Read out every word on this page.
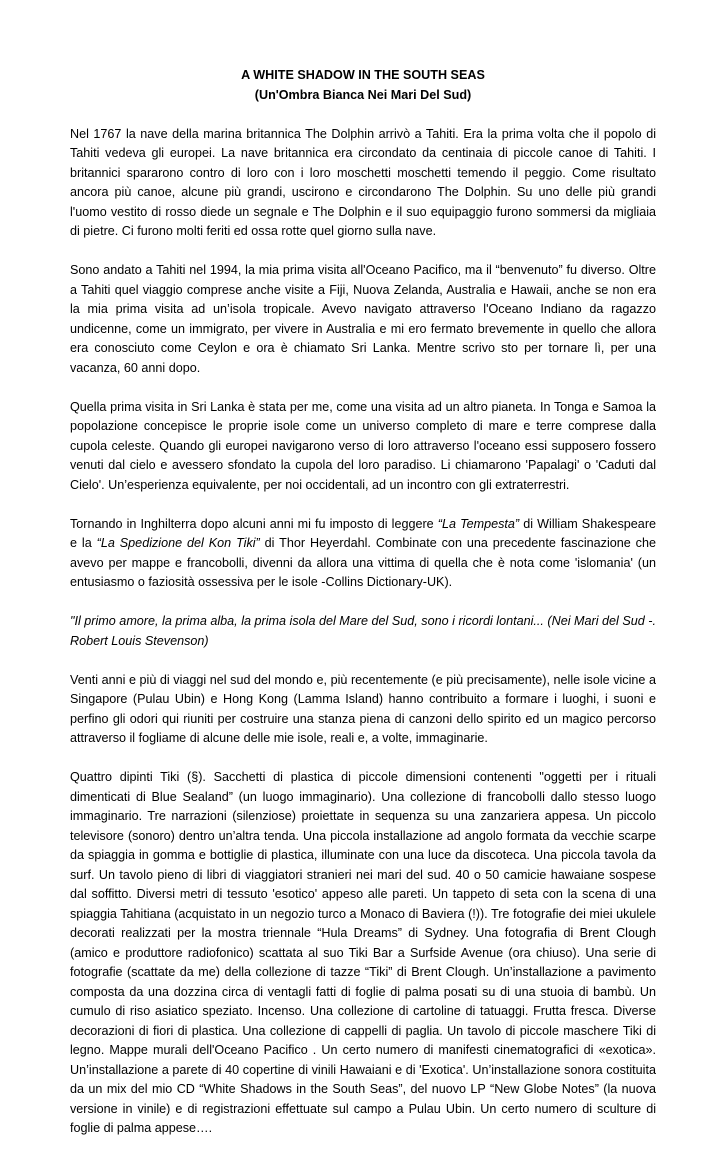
A WHITE SHADOW IN THE SOUTH SEAS
(Un'Ombra Bianca Nei Mari Del Sud)

Nel 1767 la nave della marina britannica The Dolphin arrivò a Tahiti. Era la prima volta che il popolo di Tahiti vedeva gli europei. La nave britannica era circondato da centinaia di piccole canoe di Tahiti. I britannici spararono contro di loro con i loro moschetti moschetti temendo il peggio. Come risultato ancora più canoe, alcune più grandi, uscirono e circondarono The Dolphin. Su uno delle più grandi l'uomo vestito di rosso diede un segnale e The Dolphin e il suo equipaggio furono sommersi da migliaia di pietre. Ci furono molti feriti ed ossa rotte quel giorno sulla nave.

Sono andato a Tahiti nel 1994, la mia prima visita all'Oceano Pacifico, ma il “benvenuto” fu diverso. Oltre a Tahiti quel viaggio comprese anche visite a Fiji, Nuova Zelanda, Australia e Hawaii, anche se non era la mia prima visita ad un’isola tropicale. Avevo navigato attraverso l'Oceano Indiano da ragazzo undicenne, come un immigrato, per vivere in Australia e mi ero fermato brevemente in quello che allora era conosciuto come Ceylon e ora è chiamato Sri Lanka. Mentre scrivo sto per tornare lì, per una vacanza, 60 anni dopo.

Quella prima visita in Sri Lanka è stata per me, come una visita ad un altro pianeta. In Tonga e Samoa la popolazione concepisce le proprie isole come un universo completo di mare e terre comprese dalla cupola celeste. Quando gli europei navigarono verso di loro attraverso l'oceano essi supposero fossero venuti dal cielo e avessero sfondato la cupola del loro paradiso. Li chiamarono 'Papalagi' o 'Caduti dal Cielo'. Un’esperienza equivalente, per noi occidentali, ad un incontro con gli extraterrestri.

Tornando in Inghilterra dopo alcuni anni mi fu imposto di leggere “La Tempesta” di William Shakespeare e la “La Spedizione del Kon Tiki” di Thor Heyerdahl. Combinate con una precedente fascinazione che avevo per mappe e francobolli, divenni da allora una vittima di quella che è nota come 'islomania' (un entusiasmo o faziosità ossessiva per le isole -Collins Dictionary-UK).

"Il primo amore, la prima alba, la prima isola del Mare del Sud, sono i ricordi lontani... (Nei Mari del Sud -. Robert Louis Stevenson)

Venti anni e più di viaggi nel sud del mondo e, più recentemente (e più precisamente), nelle isole vicine a Singapore (Pulau Ubin) e Hong Kong (Lamma Island) hanno contribuito a formare i luoghi, i suoni e perfino gli odori qui riuniti per costruire una stanza piena di canzoni dello spirito ed un magico percorso attraverso il fogliame di alcune delle mie isole, reali e, a volte, immaginarie.

Quattro dipinti Tiki (§). Sacchetti di plastica di piccole dimensioni contenenti "oggetti per i rituali dimenticati di Blue Sealand” (un luogo immaginario). Una collezione di francobolli dallo stesso luogo immaginario. Tre narrazioni (silenziose) proiettate in sequenza su una zanzariera appesa. Un piccolo televisore (sonoro) dentro un’altra tenda. Una piccola installazione ad angolo formata da vecchie scarpe da spiaggia in gomma e bottiglie di plastica, illuminate con una luce da discoteca. Una piccola tavola da surf. Un tavolo pieno di libri di viaggiatori stranieri nei mari del sud. 40 o 50 camicie hawaiane sospese dal soffitto. Diversi metri di tessuto 'esotico' appeso alle pareti. Un tappeto di seta con la scena di una spiaggia Tahitiana (acquistato in un negozio turco a Monaco di Baviera (!)). Tre fotografie dei miei ukulele decorati realizzati per la mostra triennale “Hula Dreams” di Sydney. Una fotografia di Brent Clough (amico e produttore radiofonico) scattata al suo Tiki Bar a Surfside Avenue (ora chiuso). Una serie di fotografie (scattate da me) della collezione di tazze “Tiki” di Brent Clough. Un’installazione a pavimento composta da una dozzina circa di ventagli fatti di foglie di palma posati su di una stuoia di bambù. Un cumulo di riso asiatico speziato. Incenso. Una collezione di cartoline di tatuaggi. Frutta fresca. Diverse decorazioni di fiori di plastica. Una collezione di cappelli di paglia. Un tavolo di piccole maschere Tiki di legno. Mappe murali dell'Oceano Pacifico . Un certo numero di manifesti cinematografici di «exotica». Un’installazione a parete di 40 copertine di vinili Hawaiani e di 'Exotica'. Un’installazione sonora costituita da un mix del mio CD “White Shadows in the South Seas”, del nuovo LP “New Globe Notes” (la nuova versione in vinile) e di registrazioni effettuate sul campo a Pulau Ubin. Un certo numero di sculture di foglie di palma appese….
